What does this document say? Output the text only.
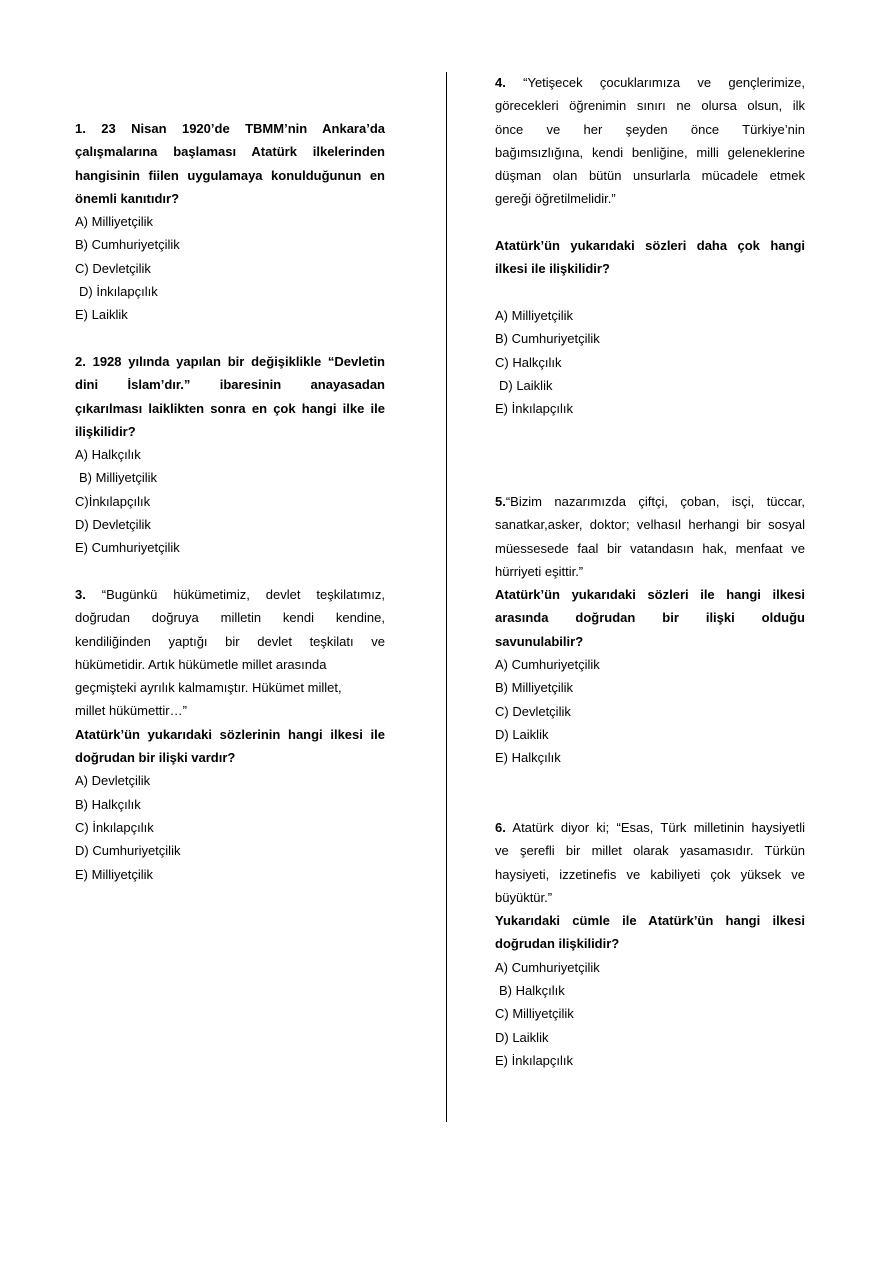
1. 23 Nisan 1920’de TBMM’nin Ankara’da
çalışmalarına başlaması Atatürk ilkelerinden
hangisinin fiilen uygulamaya konulduğunun en
önemli kanıtıdır?
A) Milliyetçilik
B) Cumhuriyetçilik
C) Devletçilik
D) İnkılapçılık
E) Laiklik
2. 1928 yılında yapılan bir değişiklikle “Devletin
dini İslam’dır.” ibaresinin anayasadan
çıkarılması laiklikten sonra en çok hangi ilke ile
ilişkilidir?
A) Halkçılık
B) Milliyetçilik
C)İnkılapçılık
D) Devletçilik
E) Cumhuriyetçilik
3. “Bugünkü hükümetimiz, devlet teşkilatımız,
doğrudan doğruya milletin kendi kendine,
kendiliğinden yaptığı bir devlet teşkilatı ve
hükümetidir. Artık hükümetle millet arasında
geçmişteki ayrılık kalmamıştır. Hükümet millet,
millet hükümettir…”
Atatürk’ün yukarıdaki sözlerinin hangi ilkesi ile
doğrudan bir ilişki vardır?
A) Devletçilik
B) Halkçılık
C) İnkılapçılık
D) Cumhuriyetçilik
E) Milliyetçilik
4. “Yetişecek çocuklarımıza ve gençlerimize,
görecekleri öğrenimin sınırı ne olursa olsun, ilk
önce ve her şeyden önce Türkiye’nin
bağımsızlığına, kendi benliğine, milli geleneklerine
düşman olan bütün unsurlarla mücadele etmek
gereği öğretilmelidir.”
Atatürk’ün yukarıdaki sözleri daha çok hangi
ilkesi ile ilişkilidir?
A) Milliyetçilik
B) Cumhuriyetçilik
C) Halkçılık
D) Laiklik
E) İnkılapçılık
5.“Bizim nazarımızda çiftçi, çoban, isçi, tüccar,
sanatkar,asker, doktor; velhasıl herhangi bir sosyal
müessesede faal bir vatandasın hak, menfaat ve
hürriyeti eşittir.”
Atatürk’ün yukarıdaki sözleri ile hangi ilkesi
arasında doğrudan bir ilişki olduğu
savunulabilir?
A) Cumhuriyetçilik
B) Milliyetçilik
C) Devletçilik
D) Laiklik
E) Halkçılık
6. Atatürk diyor ki; “Esas, Türk milletinin haysiyetli
ve şerefli bir millet olarak yasamasıdır. Türkün
haysiyeti, izzetinefis ve kabiliyeti çok yüksek ve
büyüktür.”
Yukarıdaki cümle ile Atatürk’ün hangi ilkesi
doğrudan ilişkilidir?
A) Cumhuriyetçilik
B) Halkçılık
C) Milliyetçilik
D) Laiklik
E) İnkılapçılık
